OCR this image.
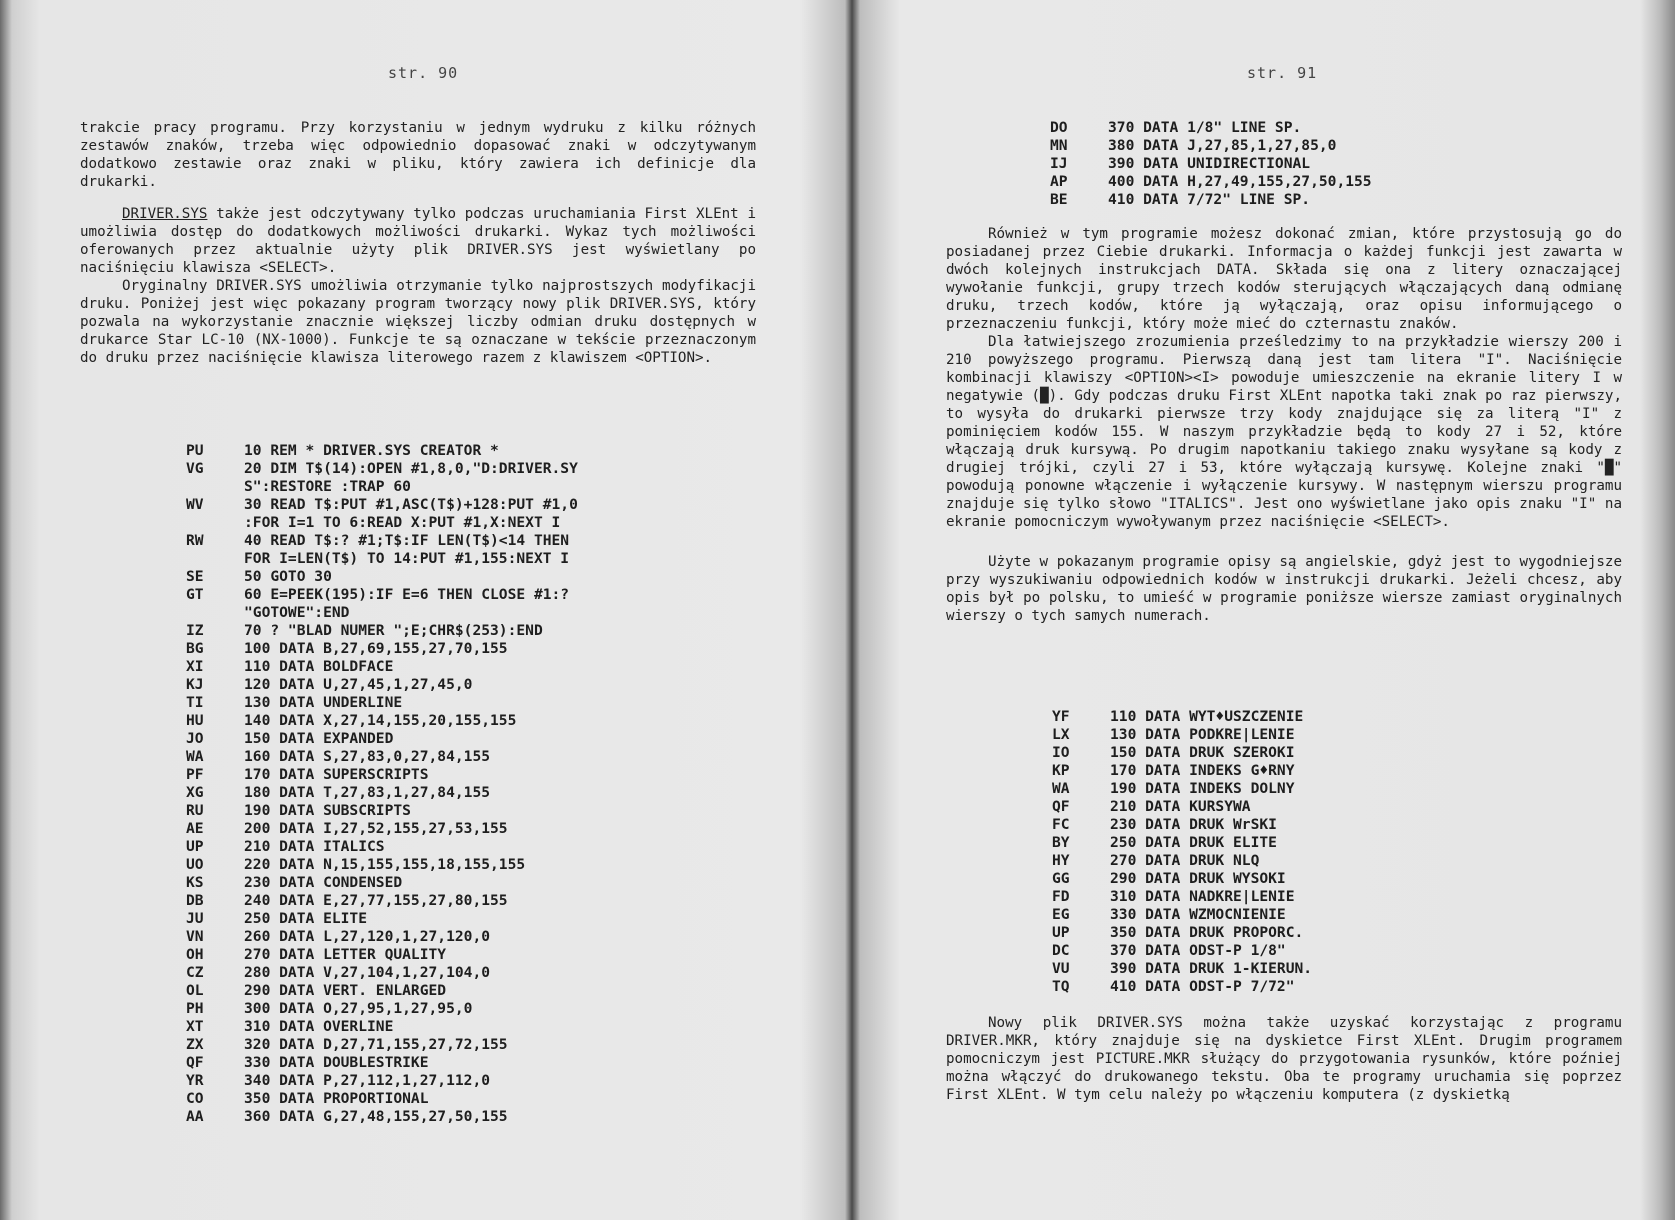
str. 90

trakcie pracy programu. Przy korzystaniu w jednym wydruku z kilku różnych zestawów znaków, trzeba więc odpowiednio dopasować znaki w odczytywanym dodatkowo zestawie oraz znaki w pliku, który zawiera ich definicje dla drukarki.

DRIVER.SYS także jest odczytywany tylko podczas uruchamiania First XLEnt i umożliwia dostęp do dodatkowych możliwości drukarki. Wykaz tych możliwości oferowanych przez aktualnie użyty plik DRIVER.SYS jest wyświetlany po naciśnięciu klawisza <SELECT>.

Oryginalny DRIVER.SYS umożliwia otrzymanie tylko najprostszych modyfikacji druku. Poniżej jest więc pokazany program tworzący nowy plik DRIVER.SYS, który pozwala na wykorzystanie znacznie większej liczby odmian druku dostępnych w drukarce Star LC-10 (NX-1000). Funkcje te są oznaczane w tekście przeznaczonym do druku przez naciśnięcie klawisza literowego razem z klawiszem <OPTION>.

PU	10 REM * DRIVER.SYS CREATOR *
VG	20 DIM T$(14):OPEN #1,8,0,"D:DRIVER.SY
S":RESTORE :TRAP 60
WV	30 READ T$:PUT #1,ASC(T$)+128:PUT #1,0
:FOR I=1 TO 6:READ X:PUT #1,X:NEXT I
RW	40 READ T$:? #1;T$:IF LEN(T$)<14 THEN
FOR I=LEN(T$) TO 14:PUT #1,155:NEXT I
SE	50 GOTO 30
GT	60 E=PEEK(195):IF E=6 THEN CLOSE #1:?
"GOTOWE":END
IZ	70 ? "BLAD NUMER ";E;CHR$(253):END
BG	100 DATA B,27,69,155,27,70,155
XI	110 DATA BOLDFACE
KJ	120 DATA U,27,45,1,27,45,0
TI	130 DATA UNDERLINE
HU	140 DATA X,27,14,155,20,155,155
JO	150 DATA EXPANDED
WA	160 DATA S,27,83,0,27,84,155
PF	170 DATA SUPERSCRIPTS
XG	180 DATA T,27,83,1,27,84,155
RU	190 DATA SUBSCRIPTS
AE	200 DATA I,27,52,155,27,53,155
UP	210 DATA ITALICS
UO	220 DATA N,15,155,155,18,155,155
KS	230 DATA CONDENSED
DB	240 DATA E,27,77,155,27,80,155
JU	250 DATA ELITE
VN	260 DATA L,27,120,1,27,120,0
OH	270 DATA LETTER QUALITY
CZ	280 DATA V,27,104,1,27,104,0
OL	290 DATA VERT. ENLARGED
PH	300 DATA O,27,95,1,27,95,0
XT	310 DATA OVERLINE
ZX	320 DATA D,27,71,155,27,72,155
QF	330 DATA DOUBLESTRIKE
YR	340 DATA P,27,112,1,27,112,0
CO	350 DATA PROPORTIONAL
AA	360 DATA G,27,48,155,27,50,155
str. 91
DO	370 DATA 1/8" LINE SP.
MN	380 DATA J,27,85,1,27,85,0
IJ	390 DATA UNIDIRECTIONAL
AP	400 DATA H,27,49,155,27,50,155
BE	410 DATA 7/72" LINE SP.

Również w tym programie możesz dokonać zmian, które przystosują go do posiadanej przez Ciebie drukarki. Informacja o każdej funkcji jest zawarta w dwóch kolejnych instrukcjach DATA. Składa się ona z litery oznaczającej wywołanie funkcji, grupy trzech kodów sterujących włączających daną odmianę druku, trzech kodów, które ją wyłączają, oraz opisu informującego o przeznaczeniu funkcji, który może mieć do czternastu znaków.

Dla łatwiejszego zrozumienia prześledzimy to na przykładzie wierszy 200 i 210 powyższego programu. Pierwszą daną jest tam litera "I". Naciśnięcie kombinacji klawiszy <OPTION><I> powoduje umieszczenie na ekranie litery I w negatywie (█). Gdy podczas druku First XLEnt napotka taki znak po raz pierwszy, to wysyła do drukarki pierwsze trzy kody znajdujące się za literą "I" z pominięciem kodów 155. W naszym przykładzie będą to kody 27 i 52, które włączają druk kursywą. Po drugim napotkaniu takiego znaku wysyłane są kody z drugiej trójki, czyli 27 i 53, które wyłączają kursywę. Kolejne znaki "█" powodują ponowne włączenie i wyłączenie kursywy. W następnym wierszu programu znajduje się tylko słowo "ITALICS". Jest ono wyświetlane jako opis znaku "I" na ekranie pomocniczym wywoływanym przez naciśnięcie <SELECT>.

Użyte w pokazanym programie opisy są angielskie, gdyż jest to wygodniejsze przy wyszukiwaniu odpowiednich kodów w instrukcji drukarki. Jeżeli chcesz, aby opis był po polsku, to umieść w programie poniższe wiersze zamiast oryginalnych wierszy o tych samych numerach.

YF	110 DATA WYT♦USZCZENIE
LX	130 DATA PODKRE|LENIE
IO	150 DATA DRUK SZEROKI
KP	170 DATA INDEKS G♦RNY
WA	190 DATA INDEKS DOLNY
QF	210 DATA KURSYWA
FC	230 DATA DRUK WrSKI
BY	250 DATA DRUK ELITE
HY	270 DATA DRUK NLQ
GG	290 DATA DRUK WYSOKI
FD	310 DATA NADKRE|LENIE
EG	330 DATA WZMOCNIENIE
UP	350 DATA DRUK PROPORC.
DC	370 DATA ODST-P 1/8"
VU	390 DATA DRUK 1-KIERUN.
TQ	410 DATA ODST-P 7/72"

Nowy plik DRIVER.SYS można także uzyskać korzystając z programu DRIVER.MKR, który znajduje się na dyskietce First XLEnt. Drugim programem pomocniczym jest PICTURE.MKR służący do przygotowania rysunków, które poźniej można włączyć do drukowanego tekstu. Oba te programy uruchamia się poprzez First XLEnt. W tym celu należy po włączeniu komputera (z dyskietką
